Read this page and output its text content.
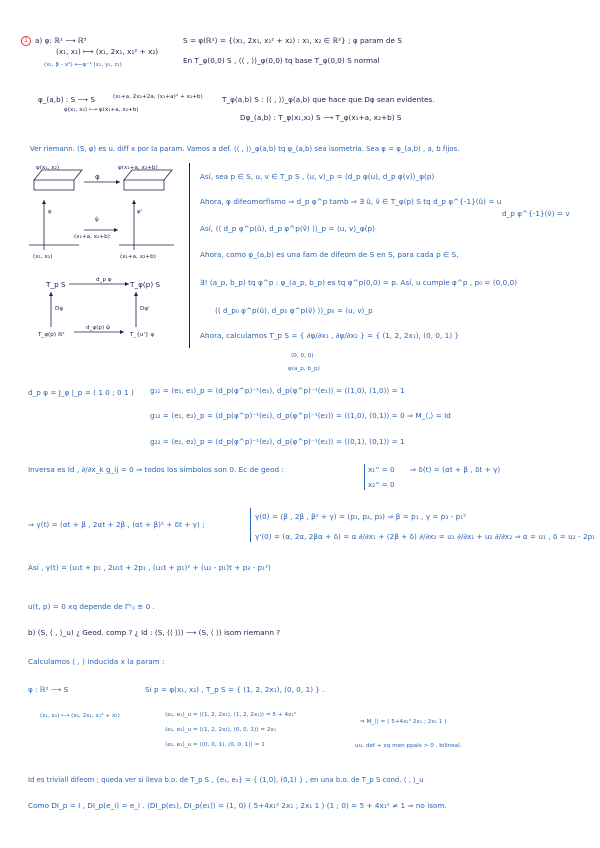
1 a) φ: ℝ² ⟶ ℝ³
(x₁, x₂) ⟼ (x₁, 2x₁, x₁² + x₂)
(x₁, β - x²) ⟵φ⁻¹ (x₁, y₁, z₁)
S = φ(ℝ²) = {(x₁, 2x₁, x₁² + x₂) : x₁, x₂ ∈ ℝ²} ; φ param de S
En T_φ(0,0) S , ⟨⟨ , ⟩⟩_φ(0,0) tq base T_φ(0,0) S normal
φ_(a,b) : S ⟶ S	(x₁+a, 2x₁+2a, (x₁+a)² + x₂+b)
φ(x₁, x₂) ⟼ φ(x₁+a, x₂+b)
T_φ(a,b) S : ⟨⟨ , ⟩⟩_φ(a,b) que hace que Dφ sean evidentes.
Dφ_(a,b) : T_φ(x₁,x₂) S ⟶ T_φ(x₁+a, x₂+b) S
Ver riemann. (S, φ) es u. diff x por la param. Vamos a def. ⟨⟨ , ⟩⟩_φ(a,b) tq φ_(a,b) sea isometría. Sea φ = φ_(a,b) , a, b fijos.
φ(x₁, x₂)	φ(x₁+a, x₂+b)
φ
φ	φ'
ψ̃
(x₁+a, x₂+b)
(x₁, x₂)	(x₁+a, x₂+b)
T_p S	T_φ(p) S
d_p φ
Dφ	Dφ'
d_φ(p) ψ̃
T_φ(p) ℝ²	T_{u'} φ
Así, sea p ∈ S, u, v ∈ T_p S , ⟨u, v⟩_p = ⟨d_p φ(u), d_p φ(v)⟩_φ(p)
Ahora, φ difeomorfismo ⇒ d_p φ^p tamb ⇒ ∃ ũ, ṽ ∈ T_φ(p) S tq d_p φ^{-1}(ũ) = u
d_p φ^{-1}(ṽ) = v
Así, ⟨⟨ d_p φ^p(ũ), d_p φ^p(ṽ) ⟩⟩_p = ⟨u, v⟩_φ(p)
Ahora, como φ_(a,b) es una fam de difeom de S en S, para cada p ∈ S,
∃! (a_p, b_p) tq φ^p : φ_(a_p, b_p) es tq φ^p(0,0) = p. Así, u cumple φ^p , p₀ = (0,0,0)
⟨⟨ d_p₀ φ^p(ũ), d_p₀ φ^p(ṽ) ⟩⟩_p₀ = ⟨u, v⟩_p
Ahora, calculamos T_p S = { ∂φ/∂x₁ , ∂φ/∂x₂ } = { (1, 2, 2x₁), (0, 0, 1) }
(0, 0, 0)
φ(a_p, b_p)
d_p φ = J_φ |_p = ( 1 0 ; 0 1 ) g₁₁ = ⟨e₁, e₁⟩_p = ⟨d_p(φ^p)⁻¹(e₁), d_p(φ^p)⁻¹(e₁)⟩ = ⟨(1,0), (1,0)⟩ = 1
g₁₂ = ⟨e₁, e₂⟩_p = ⟨d_p(φ^p)⁻¹(e₁), d_p(φ^p)⁻¹(e₂)⟩ = ⟨(1,0), (0,1)⟩ = 0 ⇒ M_⟨,⟩ = Id
g₂₂ = ⟨e₂, e₂⟩_p = ⟨d_p(φ^p)⁻¹(e₂), d_p(φ^p)⁻¹(e₂)⟩ = ⟨(0,1), (0,1)⟩ = 1
Inversa es Id , ∂/∂x_k g_ij = 0 ⇒ todos los símbolos son 0. Ec de geod :	x₁'' = 0
x₂'' = 0
⇒ δ(t) = (αt + β , δt + γ)
⇒ γ(t) = (αt + β , 2αt + 2β , (αt + β)² + δt + γ) ;
γ(0) = (β , 2β , β² + γ) = (p₁, p₂, p₃) ⇒ β = p₁ , γ = p₃ - p₁²
γ'(0) = (α, 2α, 2βα + δ) = α ∂/∂x₁ + (2β + δ) ∂/∂x₂ = u₁ ∂/∂x₁ + u₂ ∂/∂x₂ ⇒ α = u₁ , δ = u₂ - 2p₁
Así , γ(t) = (u₁t + p₁ , 2u₁t + 2p₁ , (u₁t + p₁)² + (u₂ - p₁)t + p₃ - p₁²)
u(t, p) = 0 xq depende de Γᵏᵢⱼ ≡ 0 .
b) (S, ⟨ , ⟩_u) ¿ Geod. comp ? ¿ Id : (S, ⟨⟨ ⟩⟩) ⟶ (S, ⟨ ⟩) isom riemann ?
Calculamos ⟨ , ⟩ inducida x la param :
φ : ℝ² ⟶ S	Si p = φ(x₁, x₂) , T_p S = { (1, 2, 2x₁), (0, 0, 1) } .
(x₁, x₂) ⟼ (x₁, 2x₁, x₁² + x₂)	⟨e₁, e₁⟩_u = ⟨(1, 2, 2x₁), (1, 2, 2x₁)⟩ = 5 + 4x₁²
⟨e₁, e₂⟩_u = ⟨(1, 2, 2x₁), (0, 0, 1)⟩ = 2x₁
⟨e₂, e₂⟩_u = ⟨(0, 0, 1), (0, 0, 1)⟩ = 1
⇒ M_⟨⟩ = ( 5+4x₁² 2x₁ ; 2x₁ 1 )
uu, def + xq men ppals > 0 , bilineal.
Id es triviall difeom ; queda ver si lleva b.o. de T_p S , {e₁, e₂} = { (1,0), (0,1) } , en una b.o. de T_p S cond. ⟨ , ⟩_u
Como DI_p = I , DI_p(e_i) = e_i . ⟨DI_p(e₁), DI_p(e₁)⟩ = (1, 0) ( 5+4x₁² 2x₁ ; 2x₁ 1 ) (1 ; 0) = 5 + 4x₁² ≠ 1 ⇒ no isom.
